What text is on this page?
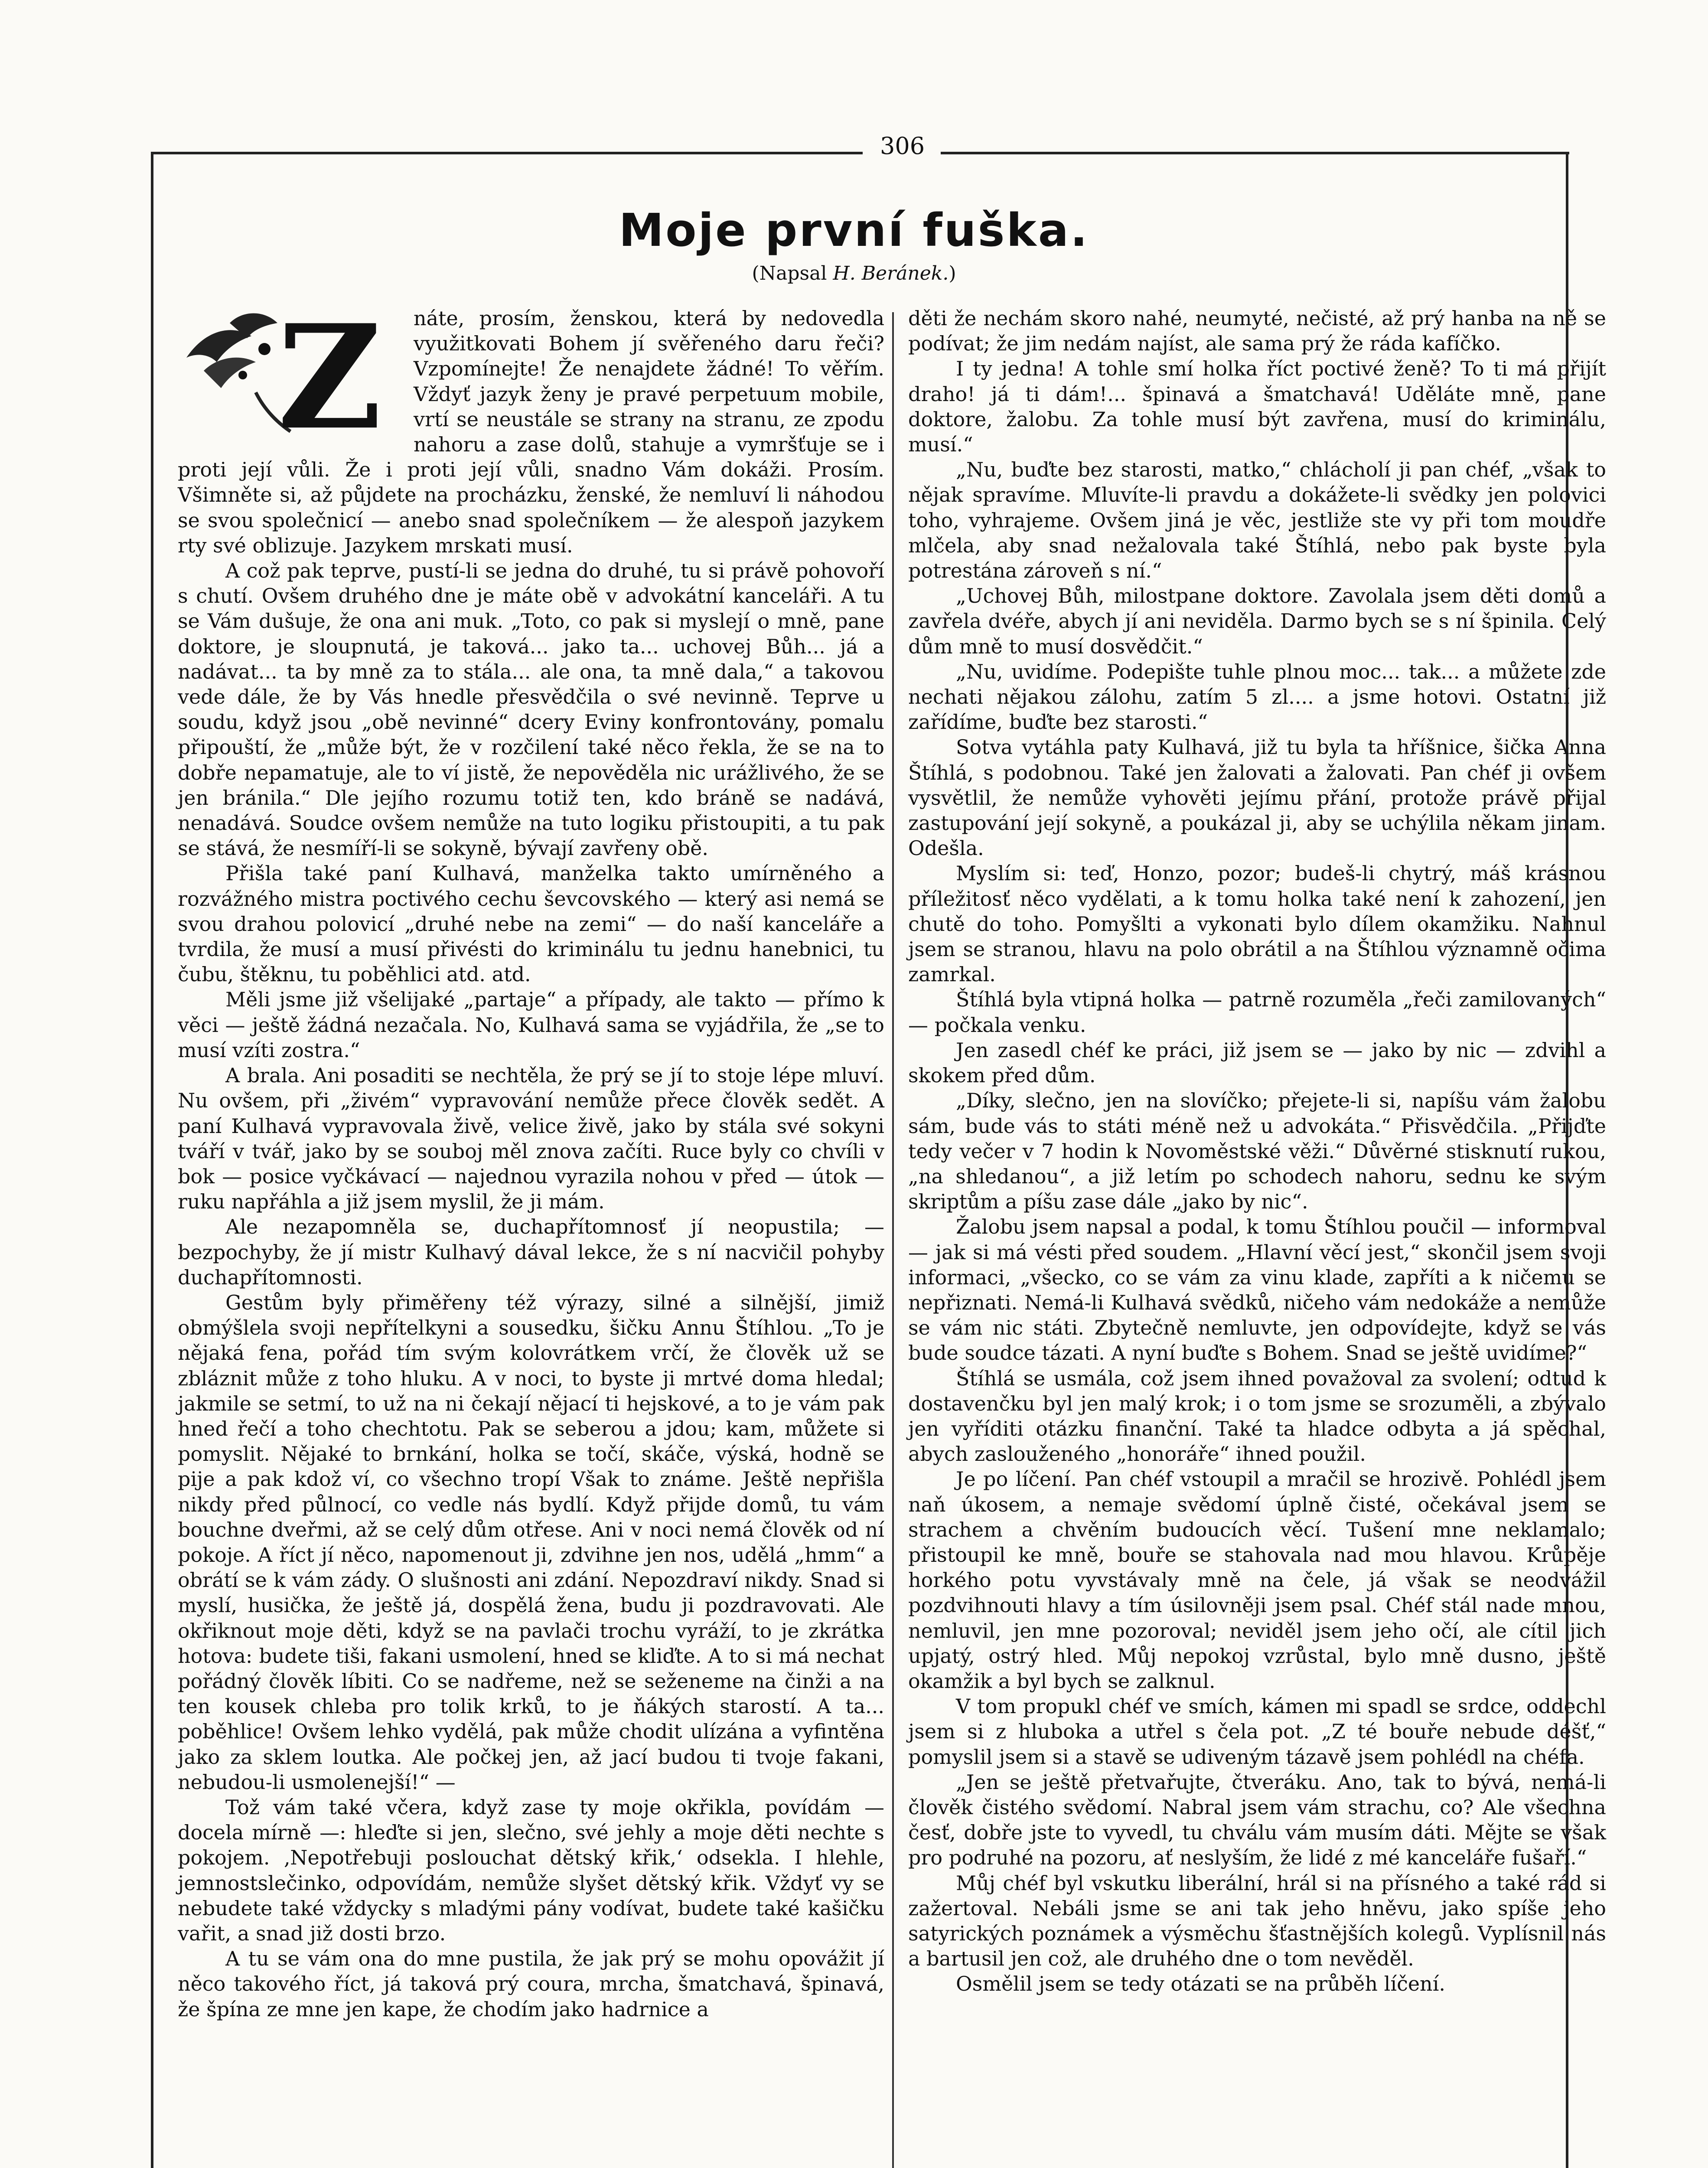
306
Moje první fuška.
(Napsal H. Beránek.)
Z	náte, prosím, ženskou, která by nedovedla využitkovati Bohem jí svěřeného daru řeči? Vzpomínejte! Že nenajdete žádné! To věřím. Vždyť jazyk ženy je pravé perpetuum mobile, vrtí se neustále se strany na stranu, ze zpodu nahoru a zase dolů, stahuje a vymršťuje se i proti její vůli. Že i proti její vůli, snadno Vám dokáži. Prosím. Všimněte si, až půjdete na procházku, ženské, že nemluví li náhodou se svou společnicí — anebo snad společníkem — že alespoň jazykem rty své oblizuje. Jazykem mrskati musí.

A což pak teprve, pustí-li se jedna do druhé, tu si právě pohovoří s chutí. Ovšem druhého dne je máte obě v advokátní kanceláři. A tu se Vám dušuje, že ona ani muk. „Toto, co pak si myslejí o mně, pane doktore, je sloupnutá, je taková... jako ta... uchovej Bůh... já a nadávat... ta by mně za to stála... ale ona, ta mně dala,“ a takovou vede dále, že by Vás hnedle přesvědčila o své nevinně. Teprve u soudu, když jsou „obě nevinné“ dcery Eviny konfrontovány, pomalu připouští, že „může být, že v rozčilení také něco řekla, že se na to dobře nepamatuje, ale to ví jistě, že nepověděla nic urážlivého, že se jen bránila.“ Dle jejího rozumu totiž ten, kdo bráně se nadává, nenadává. Soudce ovšem nemůže na tuto logiku přistoupiti, a tu pak se stává, že nesmíří-li se sokyně, bývají zavřeny obě.

Přišla také paní Kulhavá, manželka takto umírněného a rozvážného mistra poctivého cechu ševcovského — který asi nemá se svou drahou polovicí „druhé nebe na zemi“ — do naší kanceláře a tvrdila, že musí a musí přivésti do kriminálu tu jednu hanebnici, tu čubu, štěknu, tu poběhlici atd. atd.

Měli jsme již všelijaké „partaje“ a případy, ale takto — přímo k věci — ještě žádná nezačala. No, Kulhavá sama se vyjádřila, že „se to musí vzíti zostra.“

A brala. Ani posaditi se nechtěla, že prý se jí to stoje lépe mluví. Nu ovšem, při „živém“ vypravování nemůže přece člověk sedět. A paní Kulhavá vypravovala živě, velice živě, jako by stála své sokyni tváří v tvář, jako by se souboj měl znova začíti. Ruce byly co chvíli v bok — posice vyčkávací — najednou vyrazila nohou v před — útok — ruku napřáhla a již jsem myslil, že ji mám.

Ale nezapomněla se, duchapřítomnosť jí neopustila; — bezpochyby, že jí mistr Kulhavý dával lekce, že s ní nacvičil pohyby duchapřítomnosti.

Gestům byly přiměřeny též výrazy, silné a silnější, jimiž obmýšlela svoji nepřítelkyni a sousedku, šičku Annu Štíhlou. „To je nějaká fena, pořád tím svým kolovrátkem vrčí, že člověk už se zbláznit může z toho hluku. A v noci, to byste ji mrtvé doma hledal; jakmile se setmí, to už na ni čekají nějací ti hejskové, a to je vám pak hned řečí a toho chechtotu. Pak se seberou a jdou; kam, můžete si pomyslit. Nějaké to brnkání, holka se točí, skáče, výská, hodně se pije a pak kdož ví, co všechno tropí Však to známe. Ještě nepřišla nikdy před půlnocí, co vedle nás bydlí. Když přijde domů, tu vám bouchne dveřmi, až se celý dům otřese. Ani v noci nemá člověk od ní pokoje. A říct jí něco, napomenout ji, zdvihne jen nos, udělá „hmm“ a obrátí se k vám zády. O slušnosti ani zdání. Nepozdraví nikdy. Snad si myslí, husička, že ještě já, dospělá žena, budu ji pozdravovati. Ale okřiknout moje děti, když se na pavlači trochu vyráží, to je zkrátka hotova: budete tiši, fakani usmolení, hned se kliďte. A to si má nechat pořádný člověk líbiti. Co se nadřeme, než se seženeme na činži a na ten kousek chleba pro tolik krků, to je ňákých starostí. A ta... poběhlice! Ovšem lehko vydělá, pak může chodit ulízána a vyfintěna jako za sklem loutka. Ale počkej jen, až jací budou ti tvoje fakani, nebudou-li usmolenejší!“ —

Tož vám také včera, když zase ty moje okřikla, povídám — docela mírně —: hleďte si jen, slečno, své jehly a moje děti nechte s pokojem. ‚Nepotřebuji poslouchat dětský křik,‘ odsekla. I hlehle, jemnostslečinko, odpovídám, nemůže slyšet dětský křik. Vždyť vy se nebudete také vždycky s mladými pány vodívat, budete také kašičku vařit, a snad již dosti brzo.

A tu se vám ona do mne pustila, že jak prý se mohu opovážit jí něco takového říct, já taková prý coura, mrcha, šmatchavá, špinavá, že špína ze mne jen kape, že chodím jako hadrnice a

děti že nechám skoro nahé, neumyté, nečisté, až prý hanba na ně se podívat; že jim nedám najíst, ale sama prý že ráda kafíčko.

I ty jedna! A tohle smí holka říct poctivé ženě? To ti má přijít draho! já ti dám!... špinavá a šmatchavá! Uděláte mně, pane doktore, žalobu. Za tohle musí být zavřena, musí do kriminálu, musí.“

„Nu, buďte bez starosti, matko,“ chlácholí ji pan chéf, „však to nějak spravíme. Mluvíte-li pravdu a dokážete-li svědky jen polovici toho, vyhrajeme. Ovšem jiná je věc, jestliže ste vy při tom moudře mlčela, aby snad nežalovala také Štíhlá, nebo pak byste byla potrestána zároveň s ní.“

„Uchovej Bůh, milostpane doktore. Zavolala jsem děti domů a zavřela dvéře, abych jí ani neviděla. Darmo bych se s ní špinila. Celý dům mně to musí dosvědčit.“

„Nu, uvidíme. Podepište tuhle plnou moc... tak... a můžete zde nechati nějakou zálohu, zatím 5 zl.... a jsme hotovi. Ostatní již zařídíme, buďte bez starosti.“

Sotva vytáhla paty Kulhavá, již tu byla ta hříšnice, šička Anna Štíhlá, s podobnou. Také jen žalovati a žalovati. Pan chéf ji ovšem vysvětlil, že nemůže vyhověti jejímu přání, protože právě přijal zastupování její sokyně, a poukázal ji, aby se uchýlila někam jinam. Odešla.

Myslím si: teď, Honzo, pozor; budeš-li chytrý, máš krásnou příležitosť něco vydělati, a k tomu holka také není k zahození, jen chutě do toho. Pomyšlti a vykonati bylo dílem okamžiku. Nahnul jsem se stranou, hlavu na polo obrátil a na Štíhlou významně očima zamrkal.

Štíhlá byla vtipná holka — patrně rozuměla „řeči zamilovaných“ — počkala venku.

Jen zasedl chéf ke práci, již jsem se — jako by nic — zdvihl a skokem před dům.

„Díky, slečno, jen na slovíčko; přejete-li si, napíšu vám žalobu sám, bude vás to státi méně než u advokáta.“ Přisvědčila. „Přijďte tedy večer v 7 hodin k Novoměstské věži.“ Důvěrné stisknutí rukou, „na shledanou“, a již letím po schodech nahoru, sednu ke svým skriptům a píšu zase dále „jako by nic“.

Žalobu jsem napsal a podal, k tomu Štíhlou poučil — informoval — jak si má vésti před soudem. „Hlavní věcí jest,“ skončil jsem svoji informaci, „všecko, co se vám za vinu klade, zapříti a k ničemu se nepřiznati. Nemá-li Kulhavá svědků, ničeho vám nedokáže a nemůže se vám nic státi. Zbytečně nemluvte, jen odpovídejte, když se vás bude soudce tázati. A nyní buďte s Bohem. Snad se ještě uvidíme?“

Štíhlá se usmála, což jsem ihned považoval za svolení; odtud k dostavenčku byl jen malý krok; i o tom jsme se srozuměli, a zbývalo jen vyříditi otázku finanční. Také ta hladce odbyta a já spěchal, abych zaslouženého „honoráře“ ihned použil.

Je po líčení. Pan chéf vstoupil a mračil se hrozivě. Pohlédl jsem naň úkosem, a nemaje svědomí úplně čisté, očekával jsem se strachem a chvěním budoucích věcí. Tušení mne neklamalo; přistoupil ke mně, bouře se stahovala nad mou hlavou. Krůpěje horkého potu vyvstávaly mně na čele, já však se neodvážil pozdvihnouti hlavy a tím úsilovněji jsem psal. Chéf stál nade mnou, nemluvil, jen mne pozoroval; neviděl jsem jeho očí, ale cítil jich upjatý, ostrý hled. Můj nepokoj vzrůstal, bylo mně dusno, ještě okamžik a byl bych se zalknul.

V tom propukl chéf ve smích, kámen mi spadl se srdce, oddechl jsem si z hluboka a utřel s čela pot. „Z té bouře nebude déšť,“ pomyslil jsem si a stavě se udiveným tázavě jsem pohlédl na chéfa.

„Jen se ještě přetvařujte, čtveráku. Ano, tak to bývá, nemá-li člověk čistého svědomí. Nabral jsem vám strachu, co? Ale všechna česť, dobře jste to vyvedl, tu chválu vám musím dáti. Mějte se však pro podruhé na pozoru, ať neslyším, že lidé z mé kanceláře fušaří.“

Můj chéf byl vskutku liberální, hrál si na přísného a také rád si zažertoval. Nebáli jsme se ani tak jeho hněvu, jako spíše jeho satyrických poznámek a výsměchu šťastnějších kolegů. Vyplísnil nás a bartusil jen což, ale druhého dne o tom nevěděl.

Osmělil jsem se tedy otázati se na průběh líčení.
